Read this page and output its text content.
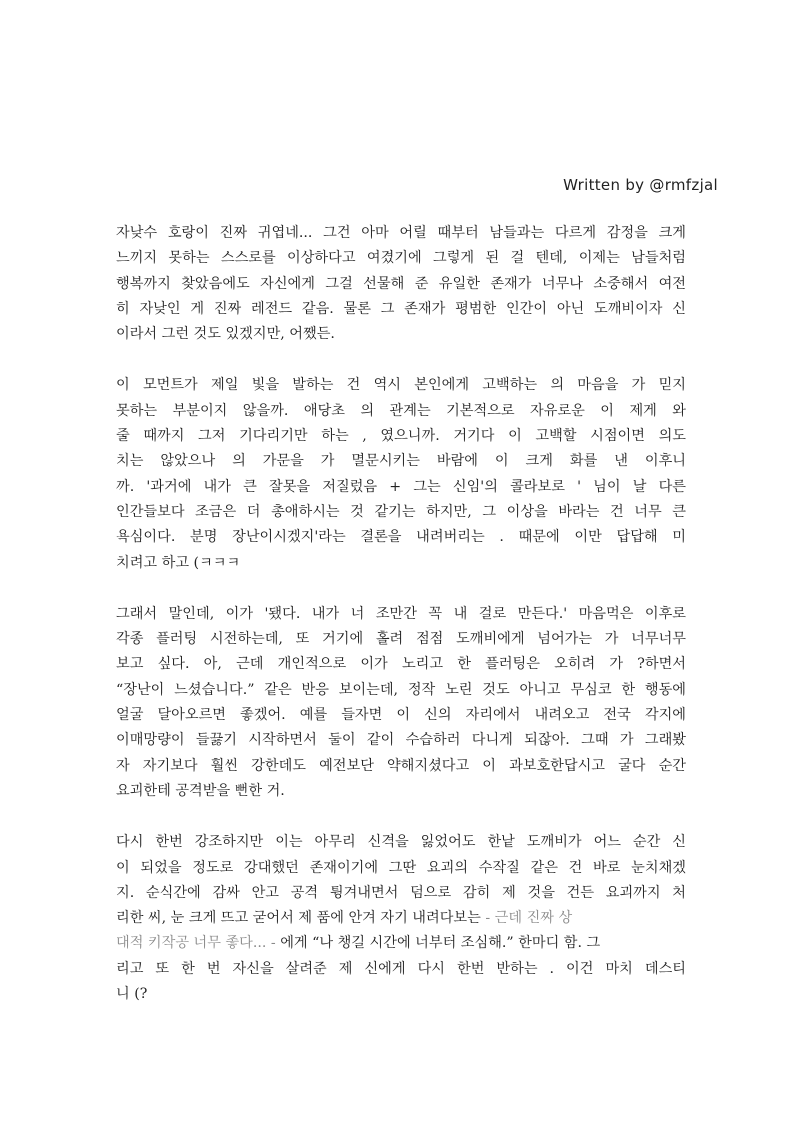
Written by @rmfzjal
자낮수 호랑이 진짜 귀엽네... 그건 아마 어릴 때부터 남들과는 다르게 감정을 크게
느끼지 못하는 스스로를 이상하다고 여겼기에 그렇게 된 걸 텐데, 이제는 남들처럼
행복까지 찾았음에도 자신에게 그걸 선물해 준 유일한 존재가 너무나 소중해서 여전
히 자낮인 게 진짜 레전드 같음. 물론 그 존재가 평범한 인간이 아닌 도깨비이자 신
이라서 그런 것도 있겠지만, 어쨌든.
이 모먼트가 제일 빛을 발하는 건 역시 본인에게 고백하는 의 마음을 가 믿지
못하는 부분이지 않을까. 애당초 의 관계는 기본적으로 자유로운 이 제게 와
줄 때까지 그저 기다리기만 하는 , 였으니까. 거기다 이 고백할 시점이면 의도
치는 않았으나 의 가문을 가 멸문시키는 바람에 이 크게 화를 낸 이후니
까. '과거에 내가 큰 잘못을 저질렀음 + 그는 신임'의 콜라보로 ' 님이 날 다른
인간들보다 조금은 더 총애하시는 것 같기는 하지만, 그 이상을 바라는 건 너무 큰
욕심이다. 분명 장난이시겠지'라는 결론을 내려버리는 . 때문에 이만 답답해 미
치려고 하고 (ㅋㅋㅋ
그래서 말인데, 이가 '됐다. 내가 너 조만간 꼭 내 걸로 만든다.' 마음먹은 이후로
각종 플러팅 시전하는데, 또 거기에 홀려 점점 도깨비에게 넘어가는 가 너무너무
보고 싶다. 아, 근데 개인적으로 이가 노리고 한 플러팅은 오히려 가 ?하면서
“장난이 느셨습니다.” 같은 반응 보이는데, 정작 노린 것도 아니고 무심코 한 행동에
얼굴 달아오르면 좋겠어. 예를 들자면 이 신의 자리에서 내려오고 전국 각지에
이매망량이 들끓기 시작하면서 둘이 같이 수습하러 다니게 되잖아. 그때 가 그래봤
자 자기보다 훨씬 강한데도 예전보단 약해지셨다고 이 과보호한답시고 굴다 순간
요괴한테 공격받을 뻔한 거.
다시 한번 강조하지만 이는 아무리 신격을 잃었어도 한낱 도깨비가 어느 순간 신
이 되었을 정도로 강대했던 존재이기에 그딴 요괴의 수작질 같은 건 바로 눈치채겠
지. 순식간에 감싸 안고 공격 튕겨내면서 덤으로 감히 제 것을 건든 요괴까지 처
리한 씨, 눈 크게 뜨고 굳어서 제 품에 안겨 자기 내려다보는 - 근데 진짜 상
대적 키작공 너무 좋다... - 에게 “나 챙길 시간에 너부터 조심해.” 한마디 함. 그
리고 또 한 번 자신을 살려준 제 신에게 다시 한번 반하는 . 이건 마치 데스티
니 (?
